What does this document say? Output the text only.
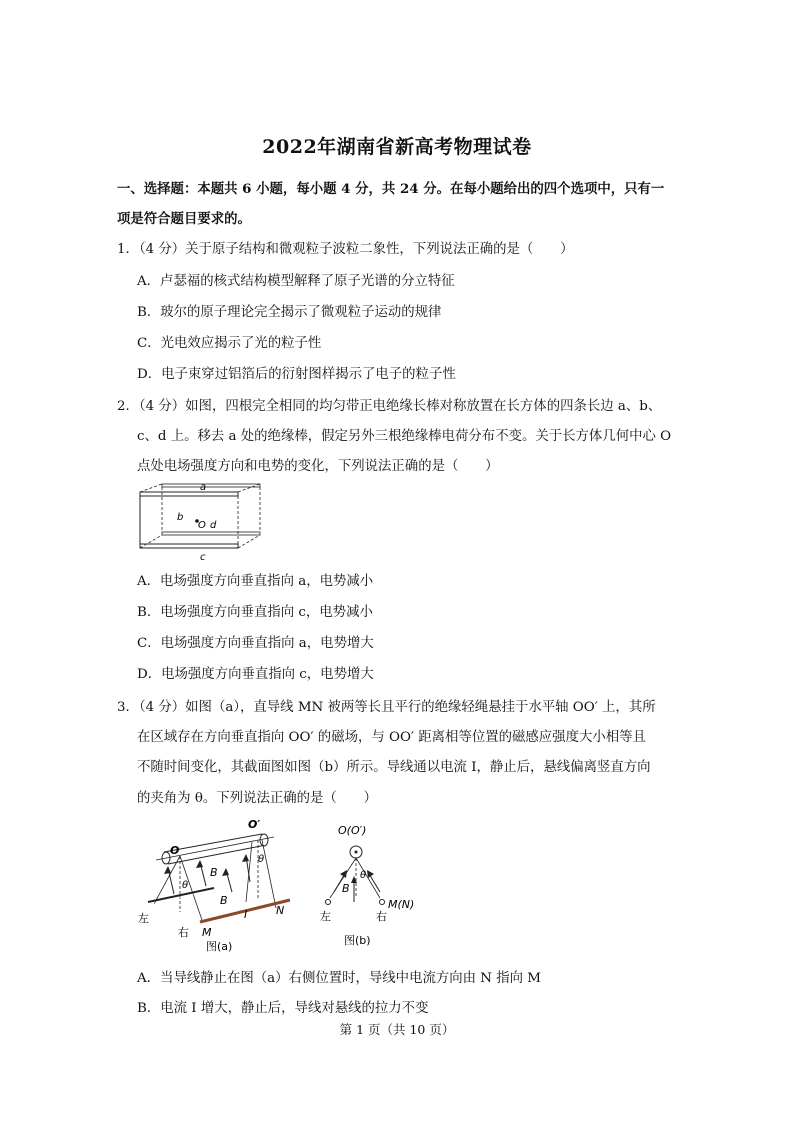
2022年湖南省新高考物理试卷
一、选择题：本题共 6 小题，每小题 4 分，共 24 分。在每小题给出的四个选项中，只有一
项是符合题目要求的。
1．（4 分）关于原子结构和微观粒子波粒二象性，下列说法正确的是（　　）
A．卢瑟福的核式结构模型解释了原子光谱的分立特征
B．玻尔的原子理论完全揭示了微观粒子运动的规律
C．光电效应揭示了光的粒子性
D．电子束穿过铝箔后的衍射图样揭示了电子的粒子性
2．（4 分）如图，四根完全相同的均匀带正电绝缘长棒对称放置在长方体的四条长边 a、b、
c、d 上。移去 a 处的绝缘棒，假定另外三根绝缘棒电荷分布不变。关于长方体几何中心 O
点处电场强度方向和电势的变化，下列说法正确的是（　　）
a
b
O d
c
A．电场强度方向垂直指向 a，电势减小
B．电场强度方向垂直指向 c，电势减小
C．电场强度方向垂直指向 a，电势增大
D．电场强度方向垂直指向 c，电势增大
3．（4 分）如图（a），直导线 MN 被两等长且平行的绝缘轻绳悬挂于水平轴 OO′ 上，其所
在区域存在方向垂直指向 OO′ 的磁场，与 OO′ 距离相等位置的磁感应强度大小相等且
不随时间变化，其截面图如图（b）所示。导线通以电流 I，静止后，悬线偏离竖直方向
的夹角为 θ。下列说法正确的是（　　）
O
O′
θ
θ
B
B
I
M
N
左
右
图(a)
O(O′)
θ
B
M(N)
左	右
图(b)
A．当导线静止在图（a）右侧位置时，导线中电流方向由 N 指向 M
B．电流 I 增大，静止后，导线对悬线的拉力不变
第 1 页（共 10 页）
